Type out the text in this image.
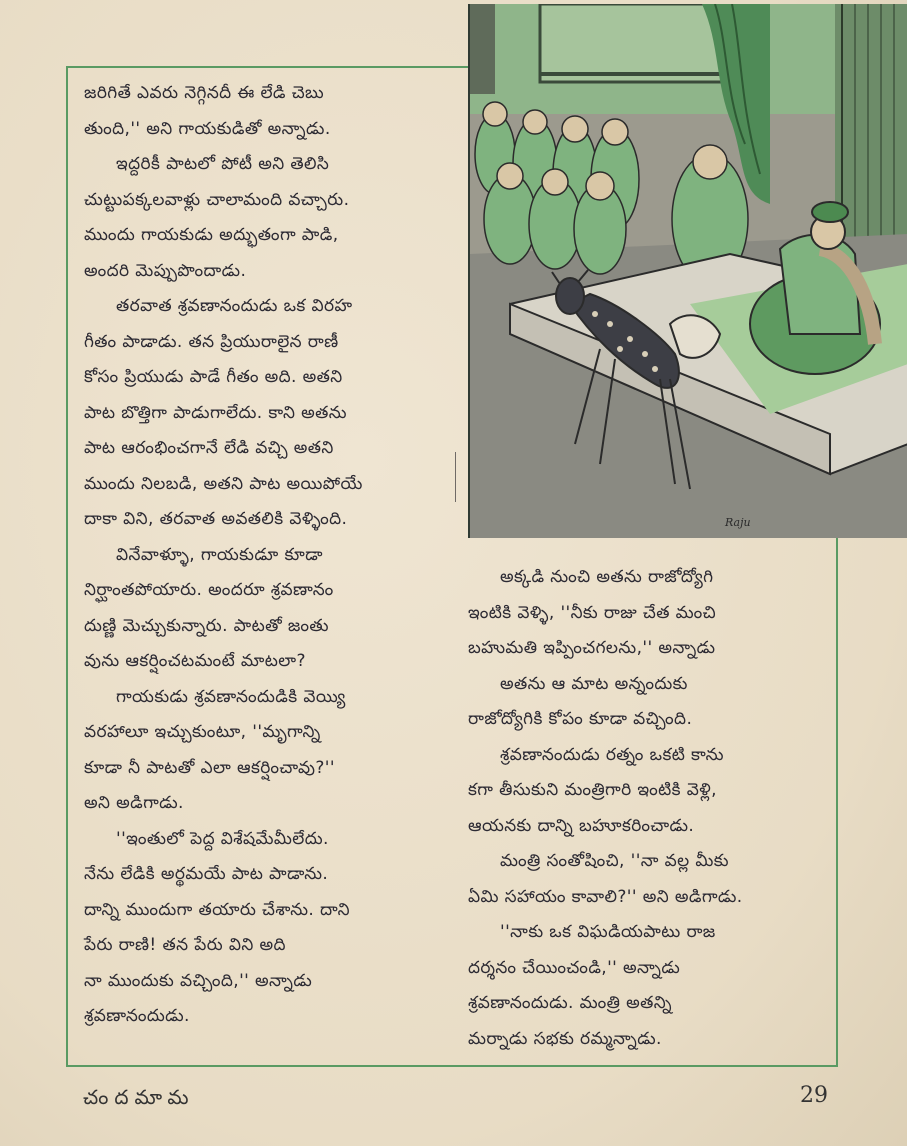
జరిగితే ఎవరు నెగ్గినదీ ఈ లేడి చెబు

తుంది,'' అని గాయకుడితో అన్నాడు.

ఇద్దరికీ పాటలో పోటీ అని తెలిసి

చుట్టుపక్కలవాళ్లు చాలామంది వచ్చారు.

ముందు గాయకుడు అద్భుతంగా పాడి,

అందరి మెప్పుపొందాడు.

తరవాత శ్రవణానందుడు ఒక విరహ

గీతం పాడాడు. తన ప్రియురాలైన రాణీ

కోసం ప్రియుడు పాడే గీతం అది. అతని

పాట బొత్తిగా పాడుగాలేదు. కాని అతను

పాట ఆరంభించగానే లేడి వచ్చి అతని

ముందు నిలబడి, అతని పాట అయిపోయే

దాకా విని, తరవాత అవతలికి వెళ్ళింది.

వినేవాళ్ళూ, గాయకుడూ కూడా

నిర్ఘాంతపోయారు. అందరూ శ్రవణానం

దుణ్ణి మెచ్చుకున్నారు. పాటతో జంతు

వును ఆకర్షించటమంటే మాటలా?

గాయకుడు శ్రవణానందుడికి వెయ్యి

వరహాలూ ఇచ్చుకుంటూ, ''మృగాన్ని

కూడా నీ పాటతో ఎలా ఆకర్షించావు?''

అని అడిగాడు.

''ఇంతులో పెద్ద విశేషమేమీలేదు.

నేను లేడికి అర్థమయే పాట పాడాను.

దాన్ని ముందుగా తయారు చేశాను. దాని

పేరు రాణి! తన పేరు విని అది

నా ముందుకు వచ్చింది,'' అన్నాడు

శ్రవణానందుడు.

అక్కడి నుంచి అతను రాజోద్యోగి

ఇంటికి వెళ్ళి, ''నీకు రాజు చేత మంచి

బహుమతి ఇప్పించగలను,'' అన్నాడు

అతను ఆ మాట అన్నందుకు

రాజోద్యోగికి కోపం కూడా వచ్చింది.

శ్రవణానందుడు రత్నం ఒకటి కాను

కగా తీసుకుని మంత్రిగారి ఇంటికి వెళ్లి,

ఆయనకు దాన్ని బహూకరించాడు.

మంత్రి సంతోషించి, ''నా వల్ల మీకు

ఏమి సహాయం కావాలి?'' అని అడిగాడు.

''నాకు ఒక విఘడియపాటు రాజ

దర్శనం చేయించండి,'' అన్నాడు

శ్రవణానందుడు. మంత్రి అతన్ని

మర్నాడు సభకు రమ్మన్నాడు.

Raju
చందమామ	29
